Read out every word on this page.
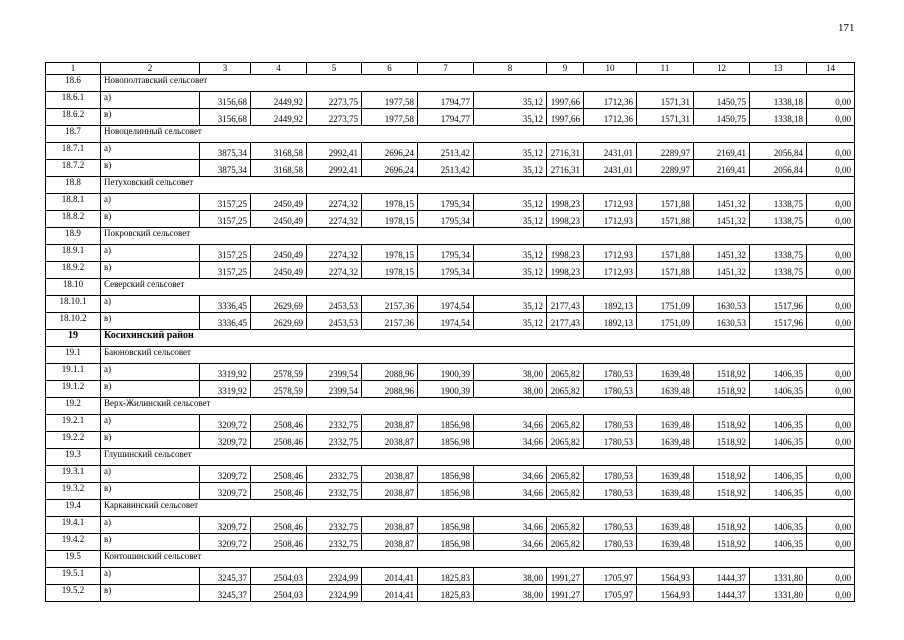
171
1	2	3	4	5	6	7	8	9	10	11	12	13	14
18.6	Новополтавский сельсовет												
18.6.1	а)	3156,68	2449,92	2273,75	1977,58	1794,77	35,12	1997,66	1712,36	1571,31	1450,75	1338,18	0,00
18.6.2	в)	3156,68	2449,92	2273,75	1977,58	1794,77	35,12	1997,66	1712,36	1571,31	1450,75	1338,18	0,00
18.7	Новоцелинный сельсовет												
18.7.1	а)	3875,34	3168,58	2992,41	2696,24	2513,42	35,12	2716,31	2431,01	2289,97	2169,41	2056,84	0,00
18.7.2	в)	3875,34	3168,58	2992,41	2696,24	2513,42	35,12	2716,31	2431,01	2289,97	2169,41	2056,84	0,00
18.8	Петуховский сельсовет												
18.8.1	а)	3157,25	2450,49	2274,32	1978,15	1795,34	35,12	1998,23	1712,93	1571,88	1451,32	1338,75	0,00
18.8.2	в)	3157,25	2450,49	2274,32	1978,15	1795,34	35,12	1998,23	1712,93	1571,88	1451,32	1338,75	0,00
18.9	Покровский сельсовет												
18.9.1	а)	3157,25	2450,49	2274,32	1978,15	1795,34	35,12	1998,23	1712,93	1571,88	1451,32	1338,75	0,00
18.9.2	в)	3157,25	2450,49	2274,32	1978,15	1795,34	35,12	1998,23	1712,93	1571,88	1451,32	1338,75	0,00
18.10	Северский сельсовет												
18.10.1	а)	3336,45	2629,69	2453,53	2157,36	1974,54	35,12	2177,43	1892,13	1751,09	1630,53	1517,96	0,00
18.10.2	в)	3336,45	2629,69	2453,53	2157,36	1974,54	35,12	2177,43	1892,13	1751,09	1630,53	1517,96	0,00
19	Косихинский район												
19.1	Баюновский сельсовет												
19.1.1	а)	3319,92	2578,59	2399,54	2088,96	1900,39	38,00	2065,82	1780,53	1639,48	1518,92	1406,35	0,00
19.1.2	в)	3319,92	2578,59	2399,54	2088,96	1900,39	38,00	2065,82	1780,53	1639,48	1518,92	1406,35	0,00
19.2	Верх-Жилинский сельсовет												
19.2.1	а)	3209,72	2508,46	2332,75	2038,87	1856,98	34,66	2065,82	1780,53	1639,48	1518,92	1406,35	0,00
19.2.2	в)	3209,72	2508,46	2332,75	2038,87	1856,98	34,66	2065,82	1780,53	1639,48	1518,92	1406,35	0,00
19.3	Глушинский сельсовет												
19.3.1	а)	3209,72	2508,46	2332,75	2038,87	1856,98	34,66	2065,82	1780,53	1639,48	1518,92	1406,35	0,00
19.3.2	в)	3209,72	2508,46	2332,75	2038,87	1856,98	34,66	2065,82	1780,53	1639,48	1518,92	1406,35	0,00
19.4	Каркавинский сельсовет												
19.4.1	а)	3209,72	2508,46	2332,75	2038,87	1856,98	34,66	2065,82	1780,53	1639,48	1518,92	1406,35	0,00
19.4.2	в)	3209,72	2508,46	2332,75	2038,87	1856,98	34,66	2065,82	1780,53	1639,48	1518,92	1406,35	0,00
19.5	Контошинский сельсовет												
19.5.1	а)	3245,37	2504,03	2324,99	2014,41	1825,83	38,00	1991,27	1705,97	1564,93	1444,37	1331,80	0,00
19.5.2	в)	3245,37	2504,03	2324,99	2014,41	1825,83	38,00	1991,27	1705,97	1564,93	1444,37	1331,80	0,00
